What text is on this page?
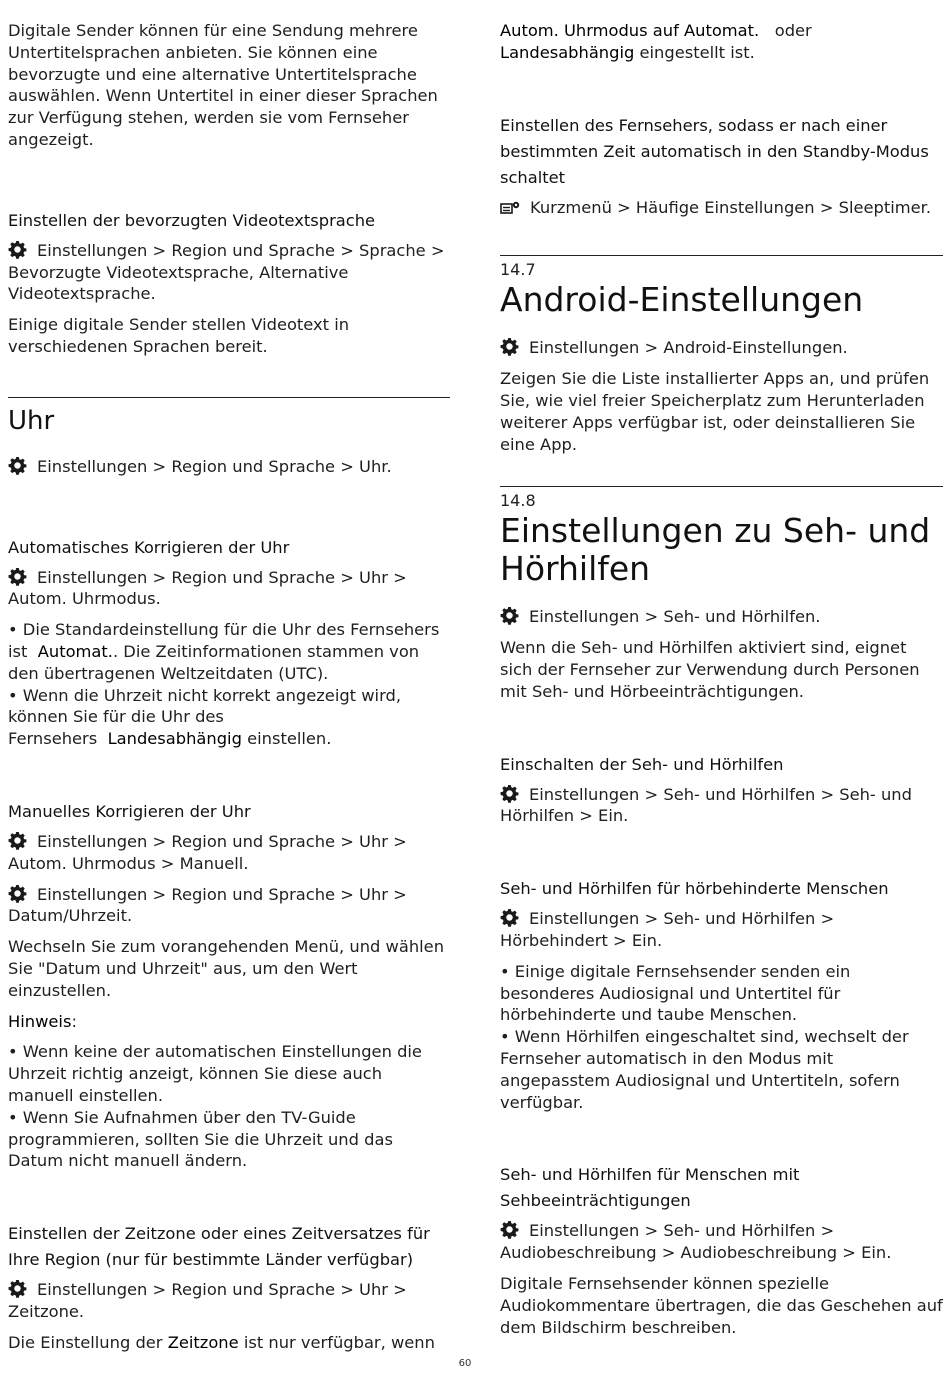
Digitale Sender können für eine Sendung mehrere Untertitelsprachen anbieten. Sie können eine bevorzugte und eine alternative Untertitelsprache auswählen. Wenn Untertitel in einer dieser Sprachen zur Verfügung stehen, werden sie vom Fernseher angezeigt.

Einstellen der bevorzugten Videotextsprache

Einstellungen > Region und Sprache > Sprache > Bevorzugte Videotextsprache, Alternative Videotextsprache.

Einige digitale Sender stellen Videotext in verschiedenen Sprachen bereit.

Uhr

Einstellungen > Region und Sprache > Uhr.

Automatisches Korrigieren der Uhr

Einstellungen > Region und Sprache > Uhr > Autom. Uhrmodus.

• Die Standardeinstellung für die Uhr des Fernsehers ist Automat.. Die Zeitinformationen stammen von den übertragenen Weltzeitdaten (UTC).

• Wenn die Uhrzeit nicht korrekt angezeigt wird, können Sie für die Uhr des Fernsehers Landesabhängig einstellen.

Manuelles Korrigieren der Uhr

Einstellungen > Region und Sprache > Uhr > Autom. Uhrmodus > Manuell.

Einstellungen > Region und Sprache > Uhr > Datum/Uhrzeit.

Wechseln Sie zum vorangehenden Menü, und wählen Sie "Datum und Uhrzeit" aus, um den Wert einzustellen.

Hinweis:

• Wenn keine der automatischen Einstellungen die Uhrzeit richtig anzeigt, können Sie diese auch manuell einstellen.

• Wenn Sie Aufnahmen über den TV-Guide programmieren, sollten Sie die Uhrzeit und das Datum nicht manuell ändern.

Einstellen der Zeitzone oder eines Zeitversatzes für Ihre Region (nur für bestimmte Länder verfügbar)

Einstellungen > Region und Sprache > Uhr > Zeitzone.

Die Einstellung der Zeitzone ist nur verfügbar, wenn

Autom. Uhrmodus auf Automat. oder Landesabhängig eingestellt ist.

Einstellen des Fernsehers, sodass er nach einer bestimmten Zeit automatisch in den Standby-Modus schaltet

Kurzmenü > Häufige Einstellungen > Sleeptimer.

14.7
Android-Einstellungen

Einstellungen > Android-Einstellungen.

Zeigen Sie die Liste installierter Apps an, und prüfen Sie, wie viel freier Speicherplatz zum Herunterladen weiterer Apps verfügbar ist, oder deinstallieren Sie eine App.

14.8
Einstellungen zu Seh- und Hörhilfen

Einstellungen > Seh- und Hörhilfen.

Wenn die Seh- und Hörhilfen aktiviert sind, eignet sich der Fernseher zur Verwendung durch Personen mit Seh- und Hörbeeinträchtigungen.

Einschalten der Seh- und Hörhilfen

Einstellungen > Seh- und Hörhilfen > Seh- und Hörhilfen > Ein.

Seh- und Hörhilfen für hörbehinderte Menschen

Einstellungen > Seh- und Hörhilfen > Hörbehindert > Ein.

• Einige digitale Fernsehsender senden ein besonderes Audiosignal und Untertitel für hörbehinderte und taube Menschen.

• Wenn Hörhilfen eingeschaltet sind, wechselt der Fernseher automatisch in den Modus mit angepasstem Audiosignal und Untertiteln, sofern verfügbar.

Seh- und Hörhilfen für Menschen mit Sehbeeinträchtigungen

Einstellungen > Seh- und Hörhilfen > Audiobeschreibung > Audiobeschreibung > Ein.

Digitale Fernsehsender können spezielle Audiokommentare übertragen, die das Geschehen auf dem Bildschirm beschreiben.

60
